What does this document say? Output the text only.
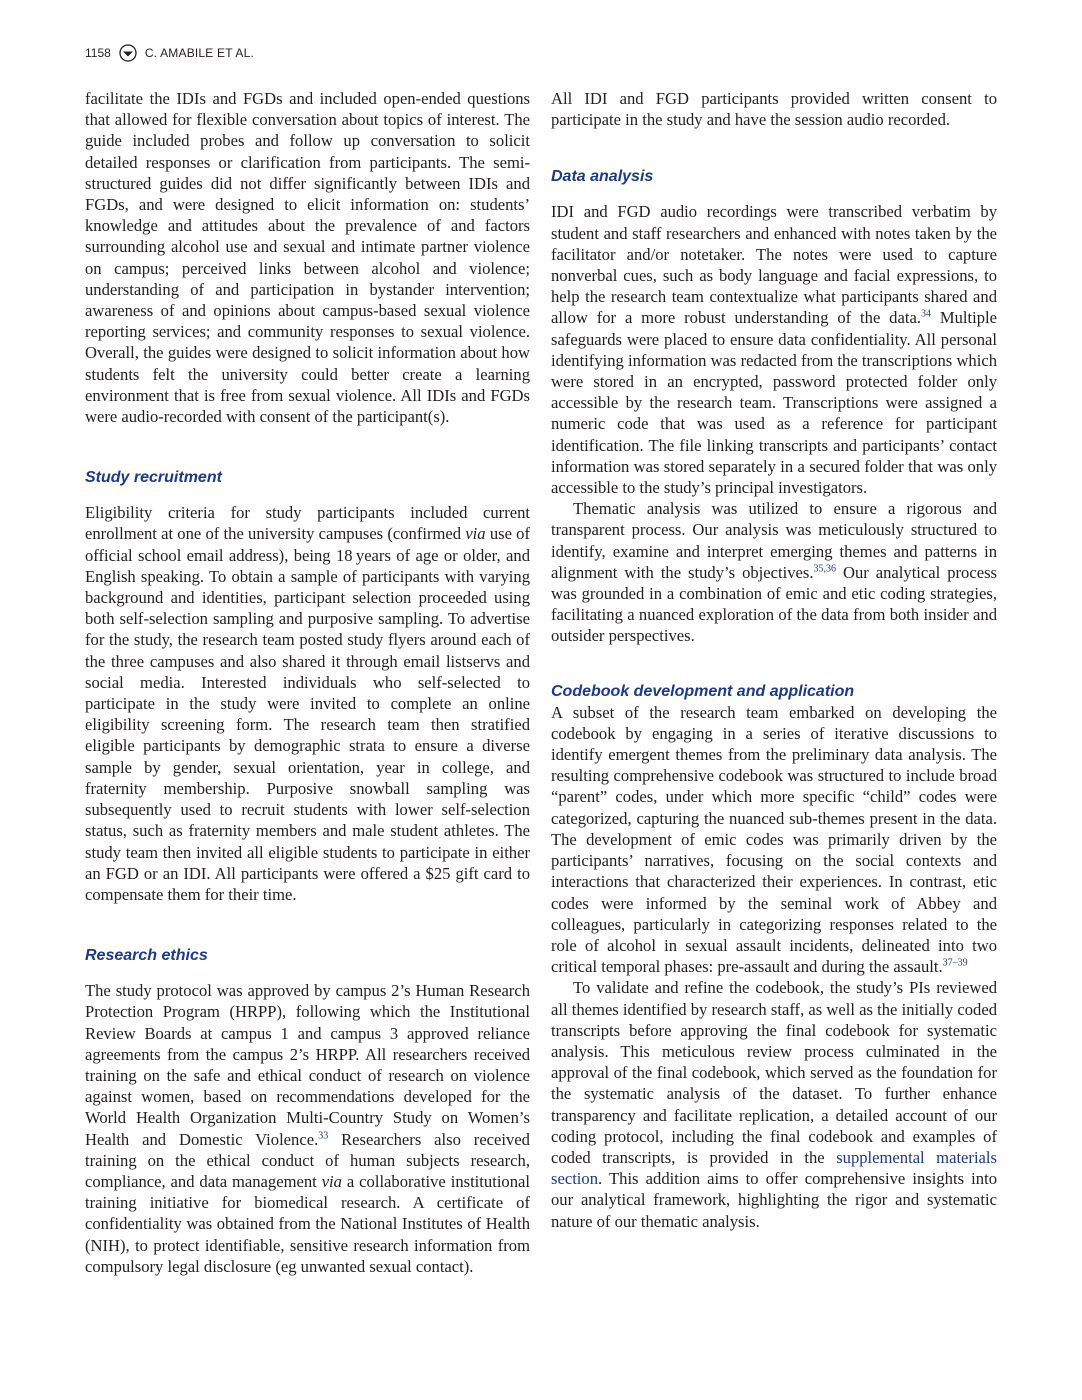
1158	C. AMABILE ET AL.

facilitate the IDIs and FGDs and included open-ended questions that allowed for flexible conversation about topics of interest. The guide included probes and follow up conversation to solicit detailed responses or clarification from participants. The semi-structured guides did not differ significantly between IDIs and FGDs, and were designed to elicit information on: students’ knowledge and attitudes about the prevalence of and factors surrounding alcohol use and sexual and intimate partner violence on campus; perceived links between alcohol and violence; understanding of and participation in bystander intervention; awareness of and opinions about campus-based sexual violence reporting services; and community responses to sexual violence. Overall, the guides were designed to solicit information about how students felt the university could better create a learning environment that is free from sexual violence. All IDIs and FGDs were audio-recorded with consent of the participant(s).

Study recruitment

Eligibility criteria for study participants included current enrollment at one of the university campuses (confirmed via use of official school email address), being 18 years of age or older, and English speaking. To obtain a sample of participants with varying background and identities, participant selection proceeded using both self-selection sampling and purposive sampling. To advertise for the study, the research team posted study flyers around each of the three campuses and also shared it through email listservs and social media. Interested individuals who self-selected to participate in the study were invited to complete an online eligibility screening form. The research team then stratified eligible participants by demographic strata to ensure a diverse sample by gender, sexual orientation, year in college, and fraternity membership. Purposive snowball sampling was subsequently used to recruit students with lower self-selection status, such as fraternity members and male student athletes. The study team then invited all eligible students to participate in either an FGD or an IDI. All participants were offered a $25 gift card to compensate them for their time.

Research ethics

The study protocol was approved by campus 2’s Human Research Protection Program (HRPP), following which the Institutional Review Boards at campus 1 and campus 3 approved reliance agreements from the campus 2’s HRPP. All researchers received training on the safe and ethical conduct of research on violence against women, based on recommendations developed for the World Health Organization Multi-Country Study on Women’s Health and Domestic Violence.$^{33}$ Researchers also received training on the ethical conduct of human subjects research, compliance, and data management via a collaborative institutional training initiative for biomedical research. A certificate of confidentiality was obtained from the National Institutes of Health (NIH), to protect identifiable, sensitive research information from compulsory legal disclosure (eg unwanted sexual contact).

All IDI and FGD participants provided written consent to participate in the study and have the session audio recorded.

Data analysis

IDI and FGD audio recordings were transcribed verbatim by student and staff researchers and enhanced with notes taken by the facilitator and/or notetaker. The notes were used to capture nonverbal cues, such as body language and facial expressions, to help the research team contextualize what participants shared and allow for a more robust understanding of the data.$^{34}$ Multiple safeguards were placed to ensure data confidentiality. All personal identifying information was redacted from the transcriptions which were stored in an encrypted, password protected folder only accessible by the research team. Transcriptions were assigned a numeric code that was used as a reference for participant identification. The file linking transcripts and participants’ contact information was stored separately in a secured folder that was only accessible to the study’s principal investigators.

Thematic analysis was utilized to ensure a rigorous and transparent process. Our analysis was meticulously structured to identify, examine and interpret emerging themes and patterns in alignment with the study’s objectives.$^{35,36}$ Our analytical process was grounded in a combination of emic and etic coding strategies, facilitating a nuanced exploration of the data from both insider and outsider perspectives.

Codebook development and application

A subset of the research team embarked on developing the codebook by engaging in a series of iterative discussions to identify emergent themes from the preliminary data analysis. The resulting comprehensive codebook was structured to include broad “parent” codes, under which more specific “child” codes were categorized, capturing the nuanced sub-themes present in the data. The development of emic codes was primarily driven by the participants’ narratives, focusing on the social contexts and interactions that characterized their experiences. In contrast, etic codes were informed by the seminal work of Abbey and colleagues, particularly in categorizing responses related to the role of alcohol in sexual assault incidents, delineated into two critical temporal phases: pre-assault and during the assault.$^{37-39}$

To validate and refine the codebook, the study’s PIs reviewed all themes identified by research staff, as well as the initially coded transcripts before approving the final codebook for systematic analysis. This meticulous review process culminated in the approval of the final codebook, which served as the foundation for the systematic analysis of the dataset. To further enhance transparency and facilitate replication, a detailed account of our coding protocol, including the final codebook and examples of coded transcripts, is provided in the supplemental materials section. This addition aims to offer comprehensive insights into our analytical framework, highlighting the rigor and systematic nature of our thematic analysis.
